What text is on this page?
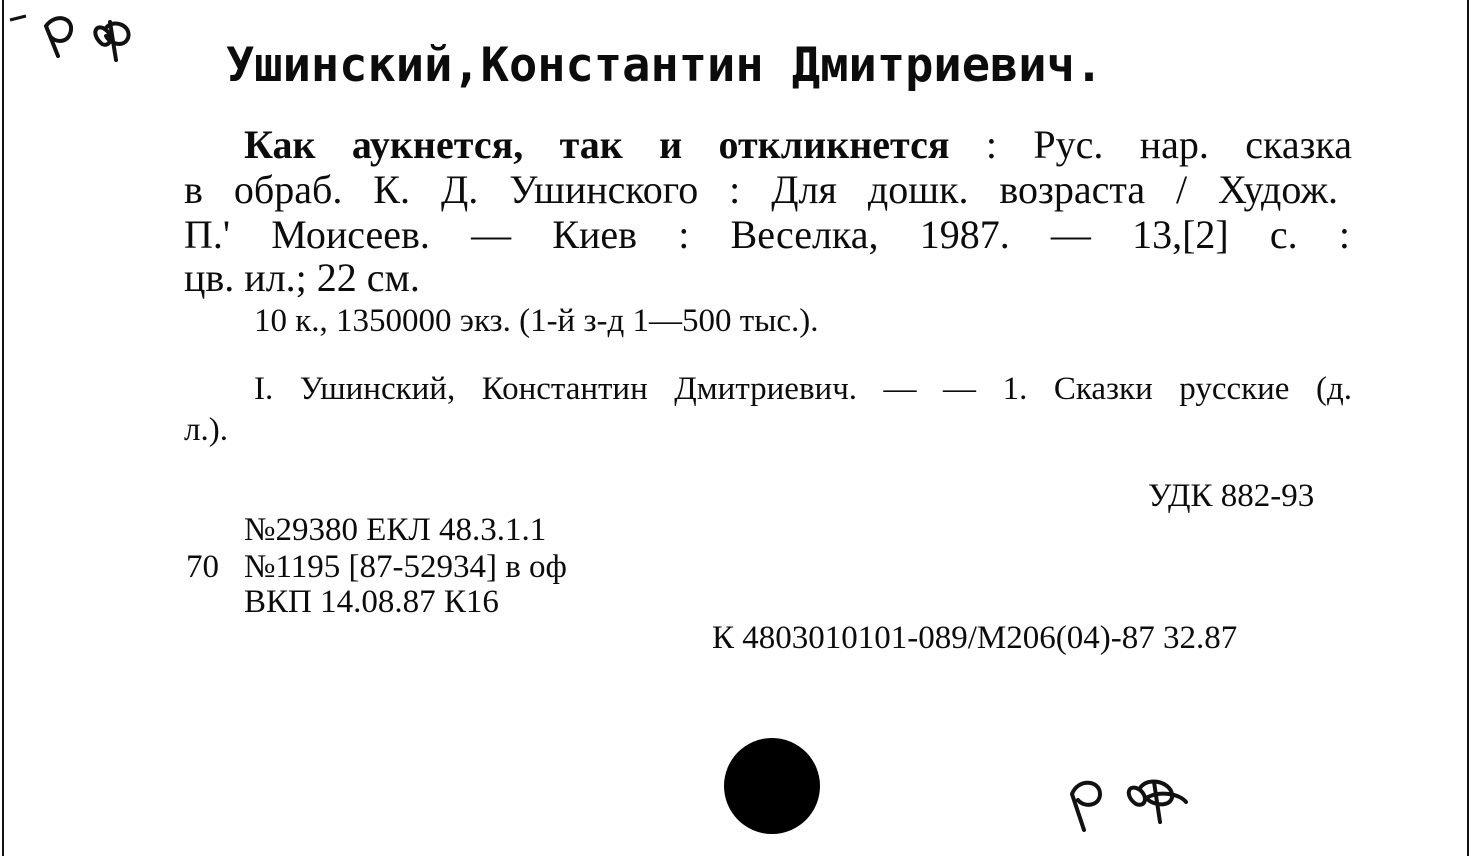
Ушинский,Константин Дмитриевич.
Как аукнется, так и откликнется : Рус. нар. сказка
в обраб. К. Д. Ушинского : Для дошк. возраста / Худож.
П.' Моисеев. — Киев : Веселка, 1987. — 13,[2] с. :
цв. ил.; 22 см.
10 к., 1350000 экз. (1-й з-д 1—500 тыс.).
I. Ушинский, Константин Дмитриевич. — — 1. Сказки русские (д.
л.).
УДК 882-93
№29380 ЕКЛ 48.3.1.1
70 №1195 [87-52934] в оф
ВКП 14.08.87 К16
К 4803010101-089/М206(04)-87 32.87
